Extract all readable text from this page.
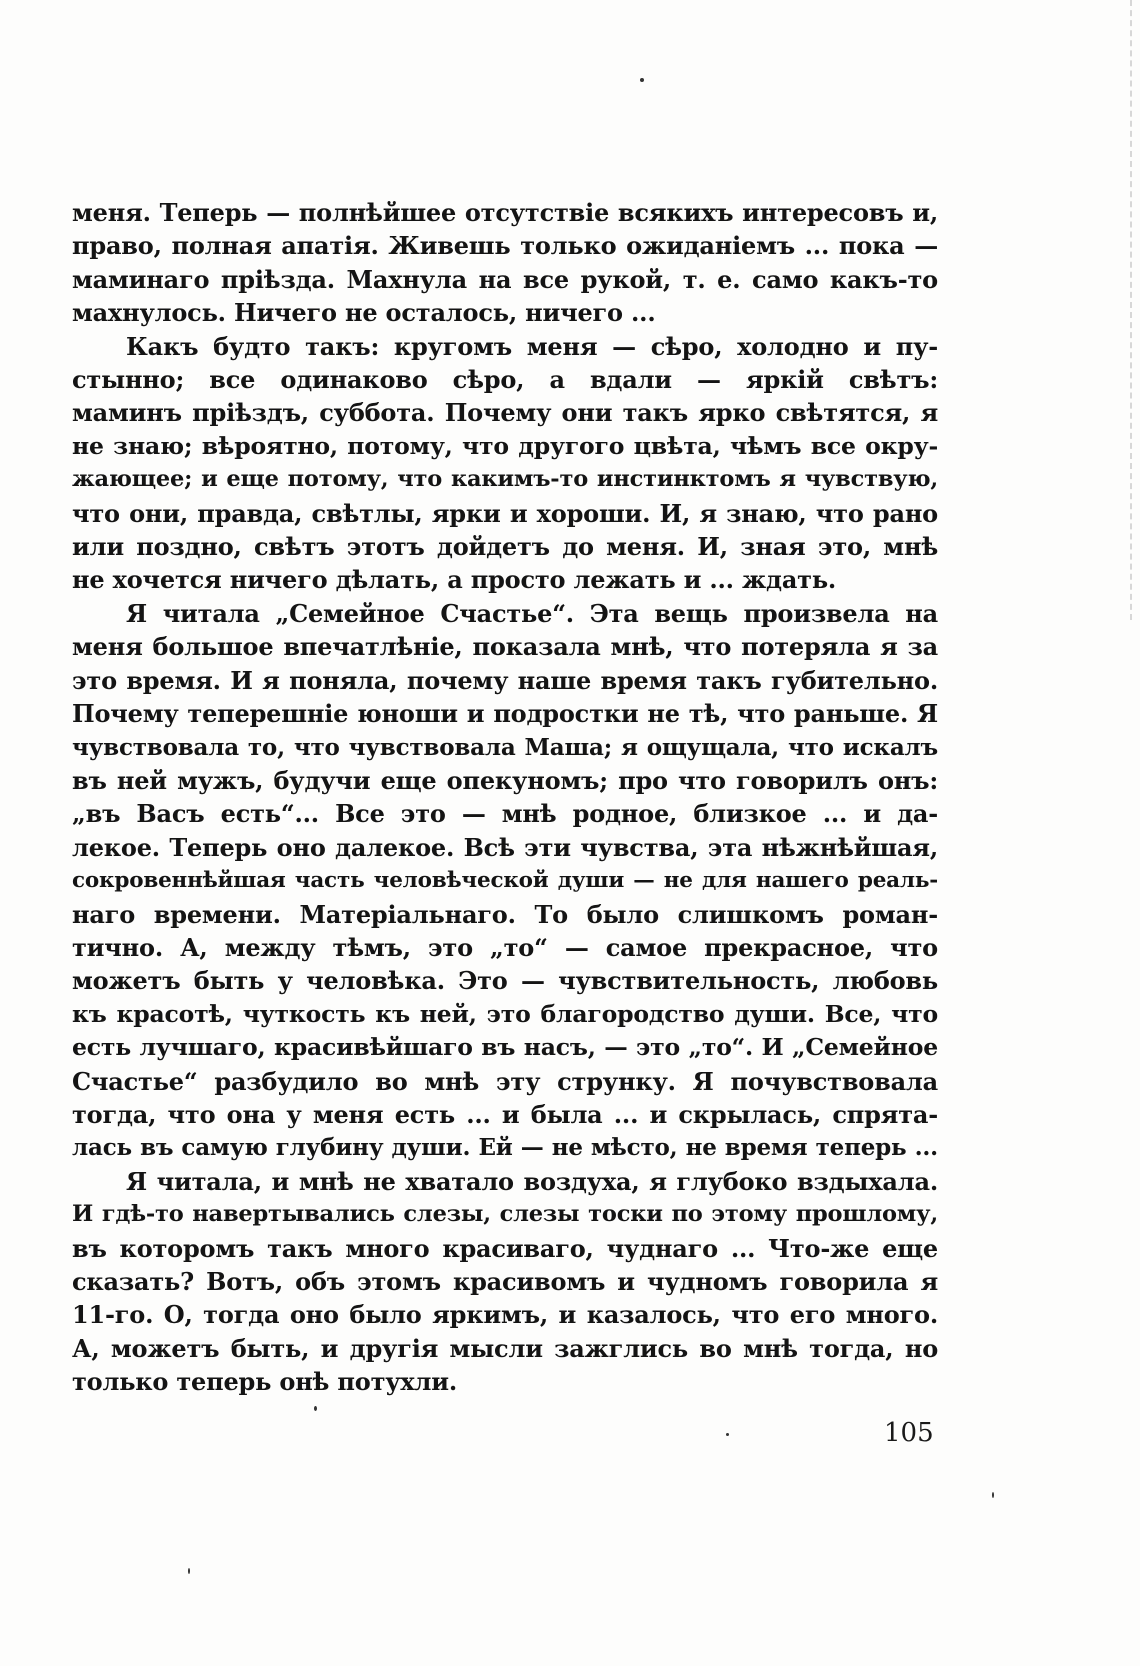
меня. Теперь — полнѣйшее отсутствіе всякихъ интересовъ и,
право, полная апатія. Живешь только ожиданіемъ ... пока —
маминаго пріѣзда. Махнула на все рукой, т. е. само какъ-то
махнулось. Ничего не осталось, ничего ...

Какъ будто такъ: кругомъ меня — сѣро, холодно и пу-
стынно; все одинаково сѣро, а вдали — яркій свѣтъ:
маминъ пріѣздъ, суббота. Почему они такъ ярко свѣтятся, я
не знаю; вѣроятно, потому, что другого цвѣта, чѣмъ все окру-
жающее; и еще потому, что какимъ-то инстинктомъ я чувствую,
что они, правда, свѣтлы, ярки и хороши. И, я знаю, что рано
или поздно, свѣтъ этотъ дойдетъ до меня. И, зная это, мнѣ
не хочется ничего дѣлать, а просто лежать и ... ждать.

Я читала „Семейное Счастье“. Эта вещь произвела на
меня большое впечатлѣніе, показала мнѣ, что потеряла я за
это время. И я поняла, почему наше время такъ губительно.
Почему теперешніе юноши и подростки не тѣ, что раньше. Я
чувствовала то, что чувствовала Маша; я ощущала, что искалъ
въ ней мужъ, будучи еще опекуномъ; про что говорилъ онъ:
„въ Васъ есть“... Все это — мнѣ родное, близкое ... и да-
лекое. Теперь оно далекое. Всѣ эти чувства, эта нѣжнѣйшая,
сокровеннѣйшая часть человѣческой души — не для нашего реаль-
наго времени. Матеріальнаго. То было слишкомъ роман-
тично. А, между тѣмъ, это „то“ — самое прекрасное, что
можетъ быть у человѣка. Это — чувствительность, любовь
къ красотѣ, чуткость къ ней, это благородство души. Все, что
есть лучшаго, красивѣйшаго въ насъ, — это „то“. И „Семейное
Счастье“ разбудило во мнѣ эту струнку. Я почувствовала
тогда, что она у меня есть ... и была ... и скрылась, спрята-
лась въ самую глубину души. Ей — не мѣсто, не время теперь ...

Я читала, и мнѣ не хватало воздуха, я глубоко вздыхала.
И гдѣ-то навертывались слезы, слезы тоски по этому прошлому,
въ которомъ такъ много красиваго, чуднаго ... Что-же еще
сказать? Вотъ, объ этомъ красивомъ и чудномъ говорила я
11-го. О, тогда оно было яркимъ, и казалось, что его много.
А, можетъ быть, и другія мысли зажглись во мнѣ тогда, но
только теперь онѣ потухли.

105
